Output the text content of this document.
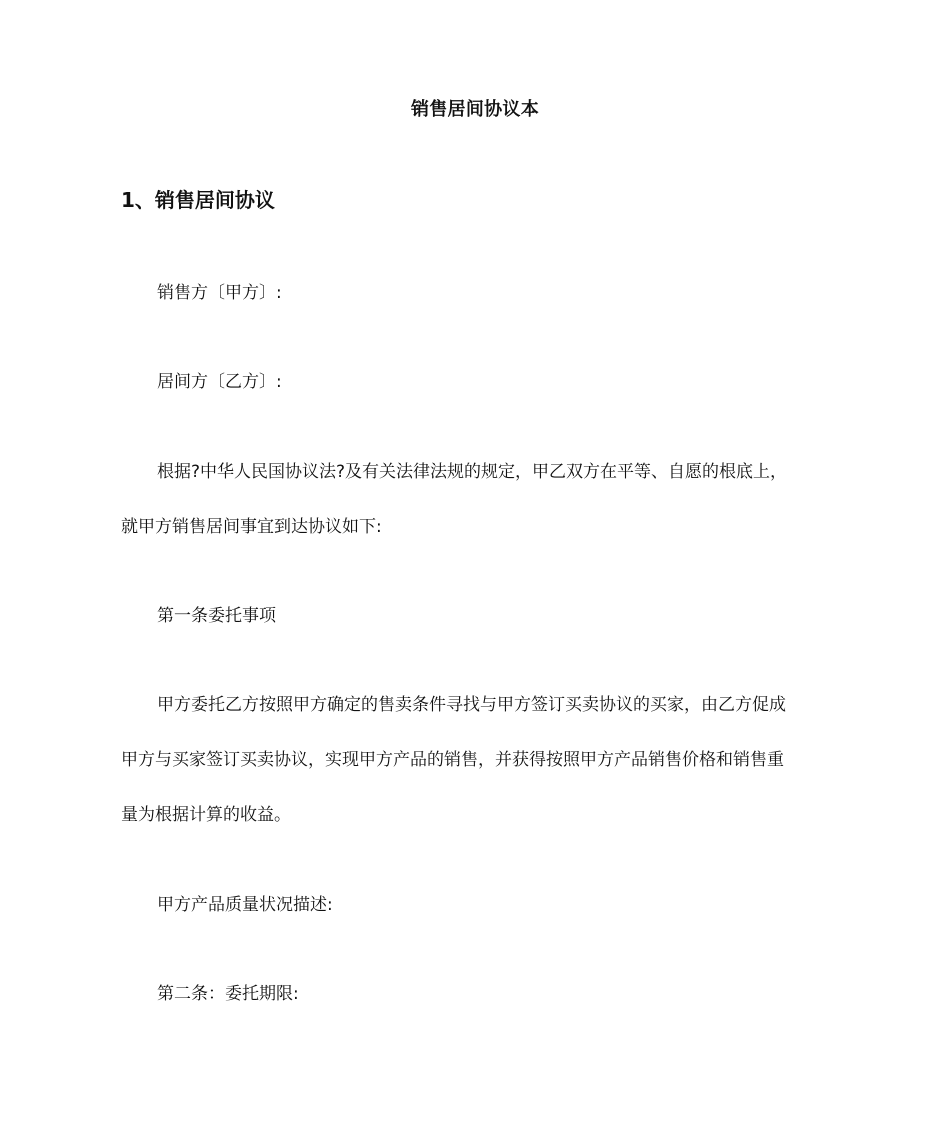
销售居间协议本
1、销售居间协议
销售方〔甲方〕:
居间方〔乙方〕:
根据?中华人民国协议法?及有关法律法规的规定，甲乙双方在平等、自愿的根底上，
就甲方销售居间事宜到达协议如下:
第一条委托事项
甲方委托乙方按照甲方确定的售卖条件寻找与甲方签订买卖协议的买家，由乙方促成
甲方与买家签订买卖协议，实现甲方产品的销售，并获得按照甲方产品销售价格和销售重
量为根据计算的收益。
甲方产品质量状况描述:
第二条：委托期限:
